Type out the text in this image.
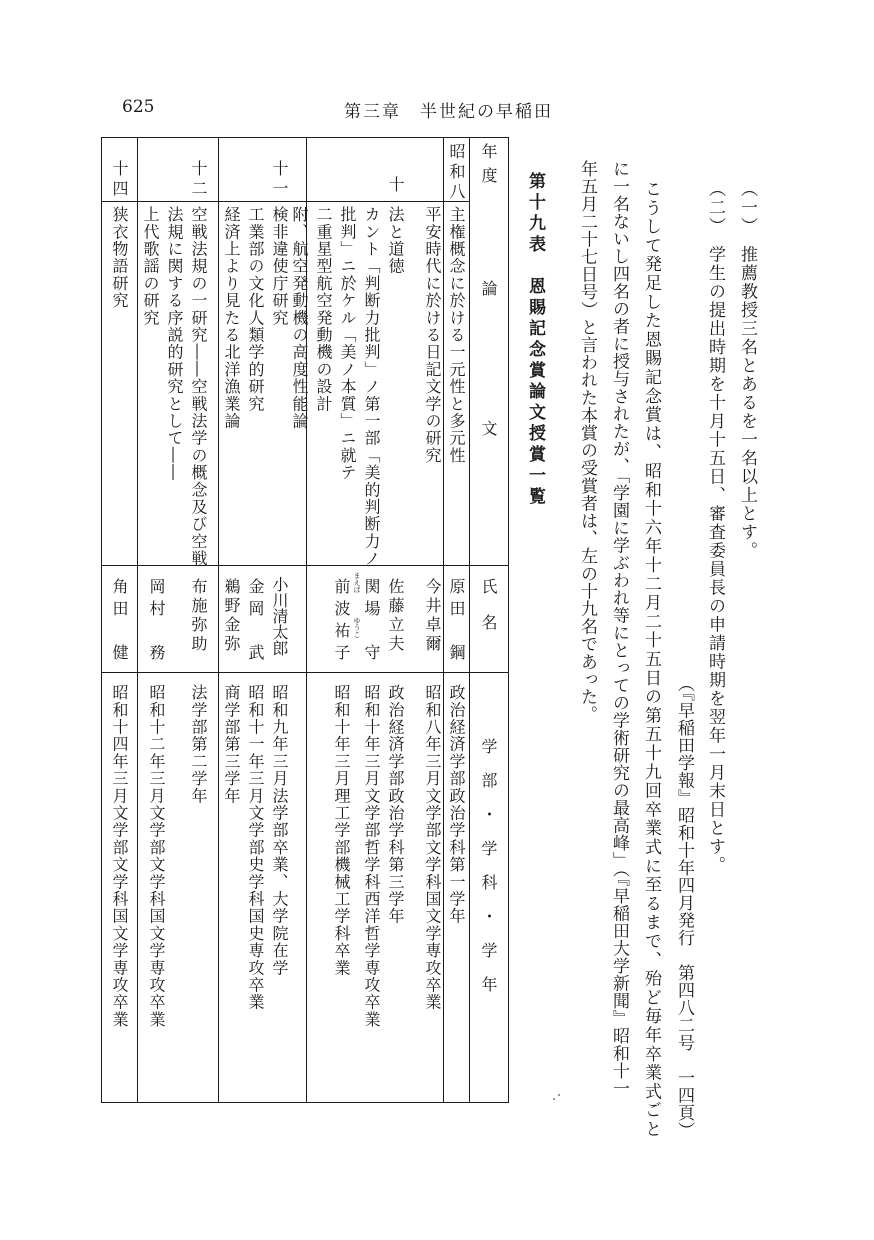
625	第三章　半世紀の早稲田
（一）　推薦教授三名とあるを一名以上とす。
（二）　学生の提出時期を十月十五日、審査委員長の申請時期を翌年一月末日とす。
（『早稲田学報』昭和十年四月発行　第四八二号　一四頁）
こうして発足した恩賜記念賞は、昭和十六年十二月二十五日の第五十九回卒業式に至るまで、殆ど毎年卒業式ごと
に一名ないし四名の者に授与されたが、「学園に学ぶわれ等にとっての学術研究の最高峰」（『早稲田大学新聞』昭和十一
年五月二十七日号）と言われた本賞の受賞者は、左の十九名であった。
第十九表　恩賜記念賞論文授賞一覧
年度
論　　　　文
氏名
学部・学科・学年
昭和八
主権概念に於ける一元性と多元性
平安時代に於ける日記文学の研究
原田　鋼
今井卓爾
政治経済学部政治学科第一学年
昭和八年三月文学部文学科国文学専攻卒業
十
法と道徳
カント「判断力批判」ノ第一部「美的判断力ノ
批判」ニ於ケル「美ノ本質」ニ就テ
二重星型航空発動機の設計
附、航空発動機の高度性能論
佐藤立夫
関場　守
前波祐子 まえば
ゆうこ
政治経済学部政治学科第三学年
昭和十年三月文学部哲学科西洋哲学専攻卒業
昭和十年三月理工学部機械工学科卒業
十一
検非違使庁研究
工業部の文化人類学的研究
経済上より見たる北洋漁業論
小川清太郎
金岡　武
鵜野金弥
昭和九年三月法学部卒業、大学院在学
昭和十一年三月文学部史学科国史専攻卒業
商学部第三学年
十二
空戦法規の一研究――空戦法学の概念及び空戦
法規に関する序説的研究として――
上代歌謡の研究
布施弥助
岡村　務
法学部第二学年
昭和十二年三月文学部文学科国文学専攻卒業
十四
狭衣物語研究
角田　健
昭和十四年三月文学部文学科国文学専攻卒業
